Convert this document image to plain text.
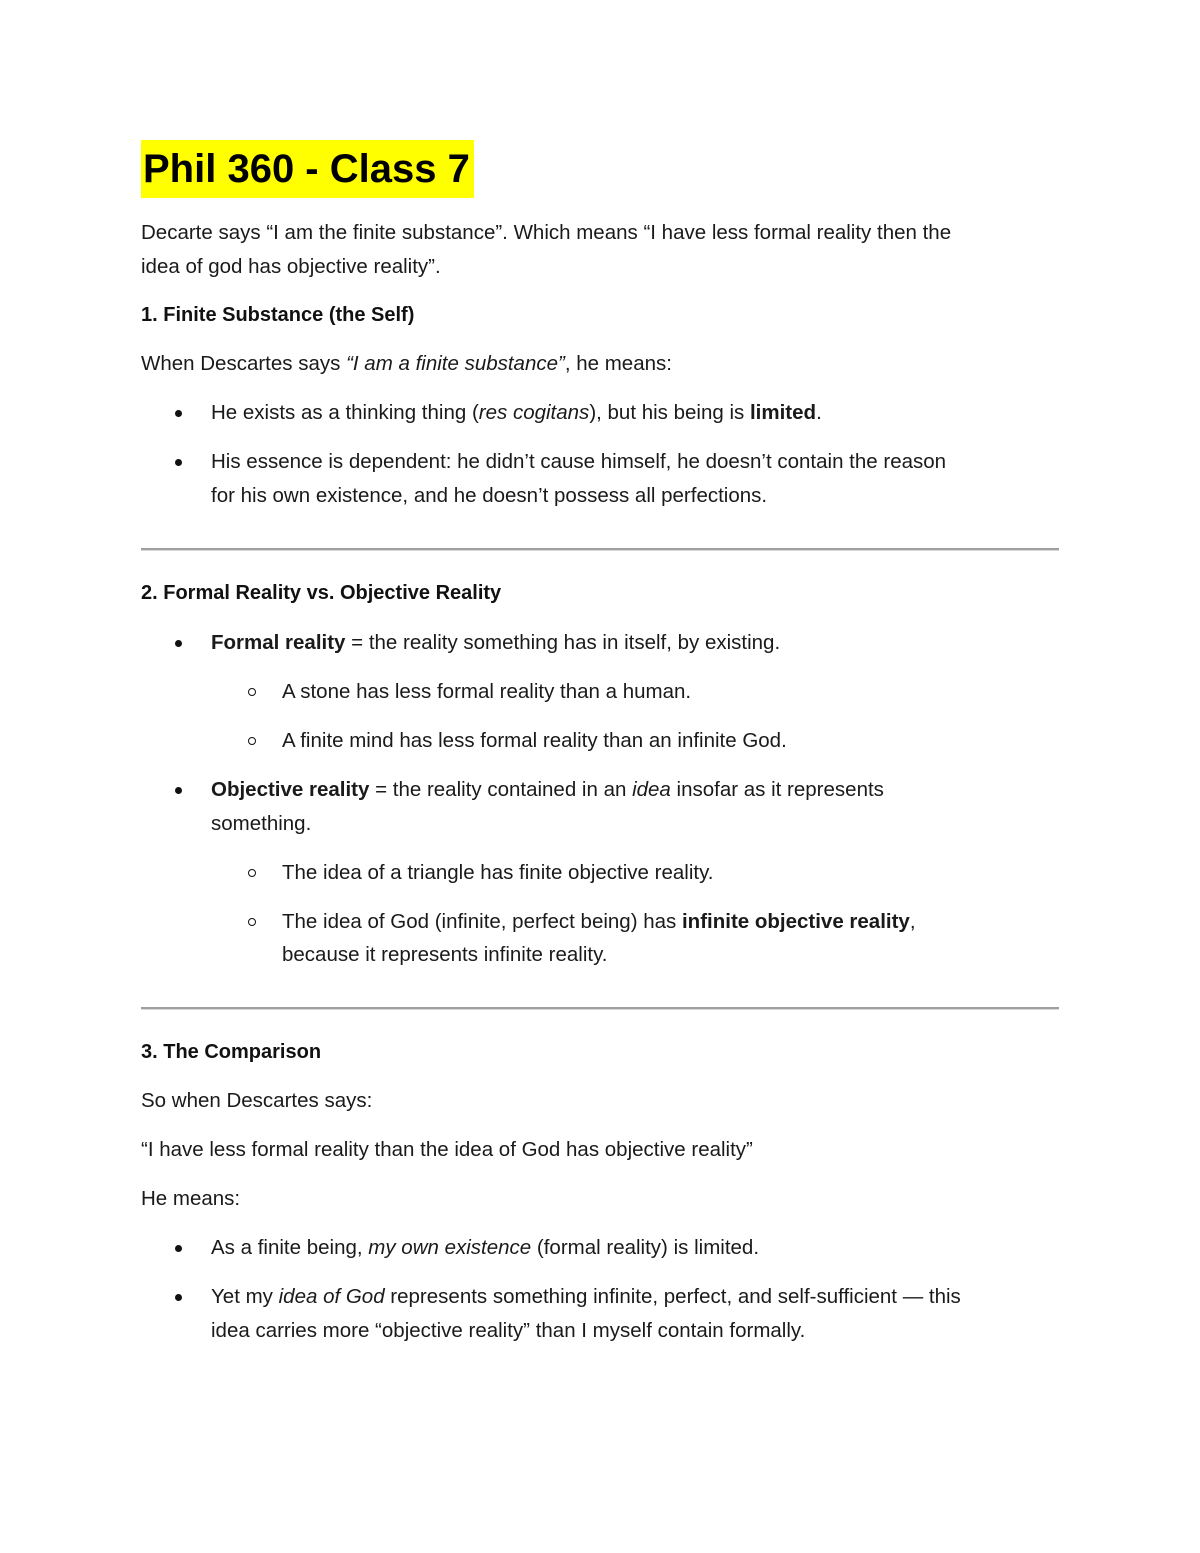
Phil 360 - Class 7

Decarte says “I am the finite substance”. Which means “I have less formal reality then the

idea of god has objective reality”.

1. Finite Substance (the Self)

When Descartes says “I am a finite substance”, he means:

He exists as a thinking thing (res cogitans), but his being is limited.

His essence is dependent: he didn’t cause himself, he doesn’t contain the reason

for his own existence, and he doesn’t possess all perfections.

2. Formal Reality vs. Objective Reality

Formal reality = the reality something has in itself, by existing.

A stone has less formal reality than a human.

A finite mind has less formal reality than an infinite God.

Objective reality = the reality contained in an idea insofar as it represents

something.

The idea of a triangle has finite objective reality.

The idea of God (infinite, perfect being) has infinite objective reality,

because it represents infinite reality.

3. The Comparison

So when Descartes says:

“I have less formal reality than the idea of God has objective reality”

He means:

As a finite being, my own existence (formal reality) is limited.

Yet my idea of God represents something infinite, perfect, and self-sufficient — this

idea carries more “objective reality” than I myself contain formally.
